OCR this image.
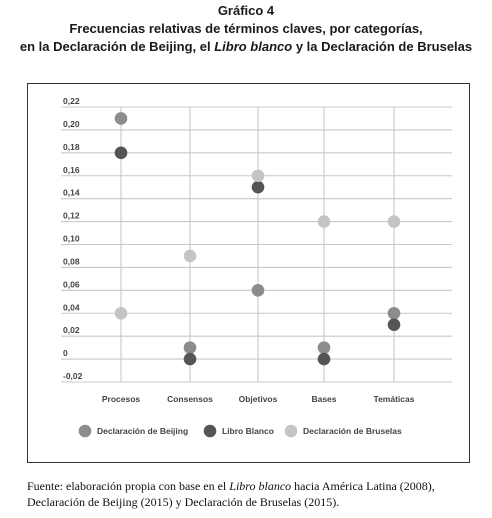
Gráfico 4
Frecuencias relativas de términos claves, por categorías,
en la Declaración de Beijing, el Libro blanco y la Declaración de Bruselas
-0,02
0
0,02
0,04
0,06
0,08
0,10
0,12
0,14
0,16
0,18
0,20
0,22
Procesos	Consensos	Objetivos	Bases	Temáticas
Declaración de Beijing	Libro Blanco	Declaración de Bruselas
Fuente: elaboración propia con base en el Libro blanco hacia América Latina (2008),
Declaración de Beijing (2015) y Declaración de Bruselas (2015).
